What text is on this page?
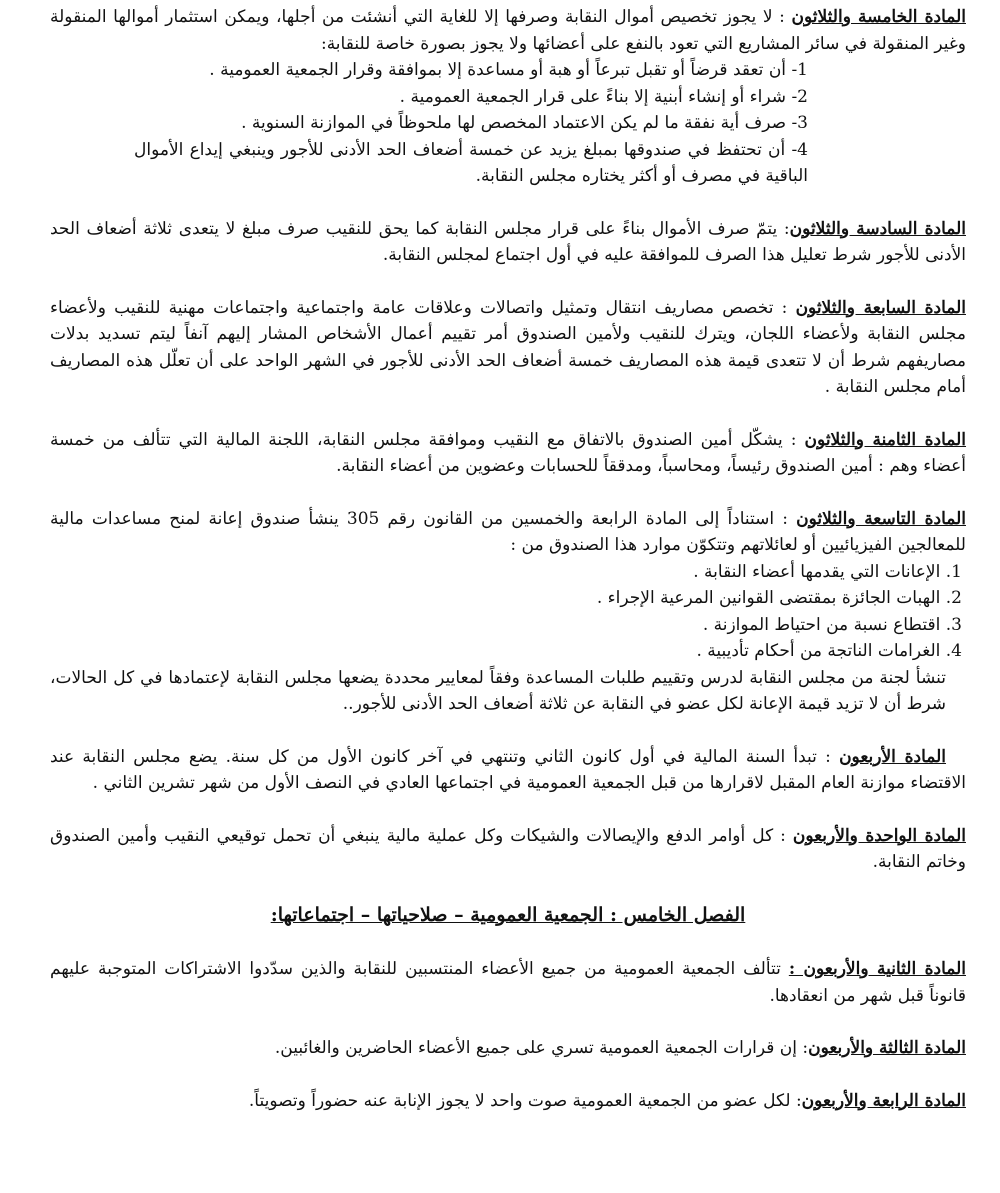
المادة الخامسة والثلاثون : لا يجوز تخصيص أموال النقابة وصرفها إلا للغاية التي أنشئت من أجلها، ويمكن استثمار أموالها المنقولة وغير المنقولة في سائر المشاريع التي تعود بالنفع على أعضائها ولا يجوز بصورة خاصة للنقابة:

-1 أن تعقد قرضاً أو تقبل تبرعاً أو هبة أو مساعدة إلا بموافقة وقرار الجمعية العمومية .
-2 شراء أو إنشاء أبنية إلا بناءً على قرار الجمعية العمومية .
-3 صرف أية نفقة ما لم يكن الاعتماد المخصص لها ملحوظاً في الموازنة السنوية .
-4 أن تحتفظ في صندوقها بمبلغ يزيد عن خمسة أضعاف الحد الأدنى للأجور وينبغي إيداع الأموال الباقية في مصرف أو أكثر يختاره مجلس النقابة.

المادة السادسة والثلاثون: يتمّ صرف الأموال بناءً على قرار مجلس النقابة كما يحق للنقيب صرف مبلغ لا يتعدى ثلاثة أضعاف الحد الأدنى للأجور شرط تعليل هذا الصرف للموافقة عليه في أول اجتماع لمجلس النقابة.

المادة السابعة والثلاثون : تخصص مصاريف انتقال وتمثيل واتصالات وعلاقات عامة واجتماعية واجتماعات مهنية للنقيب ولأعضاء مجلس النقابة ولأعضاء اللجان، ويترك للنقيب ولأمين الصندوق أمر تقييم أعمال الأشخاص المشار إليهم آنفاً ليتم تسديد بدلات مصاريفهم شرط أن لا تتعدى قيمة هذه المصاريف خمسة أضعاف الحد الأدنى للأجور في الشهر الواحد على أن تعلّل هذه المصاريف أمام مجلس النقابة .

المادة الثامنة والثلاثون : يشكّل أمين الصندوق بالاتفاق مع النقيب وموافقة مجلس النقابة، اللجنة المالية التي تتألف من خمسة أعضاء وهم : أمين الصندوق رئيساً، ومحاسباً، ومدققاً للحسابات وعضوين من أعضاء النقابة.

المادة التاسعة والثلاثون : استناداً إلى المادة الرابعة والخمسين من القانون رقم 305 ينشأ صندوق إعانة لمنح مساعدات مالية للمعالجين الفيزيائيين أو لعائلاتهم وتتكوّن موارد هذا الصندوق من :

.1 الإعانات التي يقدمها أعضاء النقابة .
.2 الهبات الجائزة بمقتضى القوانين المرعية الإجراء .
.3 اقتطاع نسبة من احتياط الموازنة .
.4 الغرامات الناتجة من أحكام تأديبية .

تنشأ لجنة من مجلس النقابة لدرس وتقييم طلبات المساعدة وفقاً لمعايير محددة يضعها مجلس النقابة لإعتمادها في كل الحالات، شرط أن لا تزيد قيمة الإعانة لكل عضو في النقابة عن ثلاثة أضعاف الحد الأدنى للأجور..

المادة الأربعون : تبدأ السنة المالية في أول كانون الثاني وتنتهي في آخر كانون الأول من كل سنة. يضع مجلس النقابة عند الاقتضاء موازنة العام المقبل لاقرارها من قبل الجمعية العمومية في اجتماعها العادي في النصف الأول من شهر تشرين الثاني .

المادة الواحدة والأربعون : كل أوامر الدفع والإيصالات والشيكات وكل عملية مالية ينبغي أن تحمل توقيعي النقيب وأمين الصندوق وخاتم النقابة.

الفصل الخامس : الجمعية العمومية – صلاحياتها – اجتماعاتها:

المادة الثانية والأربعون : تتألف الجمعية العمومية من جميع الأعضاء المنتسبين للنقابة والذين سدّدوا الاشتراكات المتوجبة عليهم قانوناً قبل شهر من انعقادها.

المادة الثالثة والأربعون: إن قرارات الجمعية العمومية تسري على جميع الأعضاء الحاضرين والغائبين.

المادة الرابعة والأربعون: لكل عضو من الجمعية العمومية صوت واحد لا يجوز الإنابة عنه حضوراً وتصويتاً.
